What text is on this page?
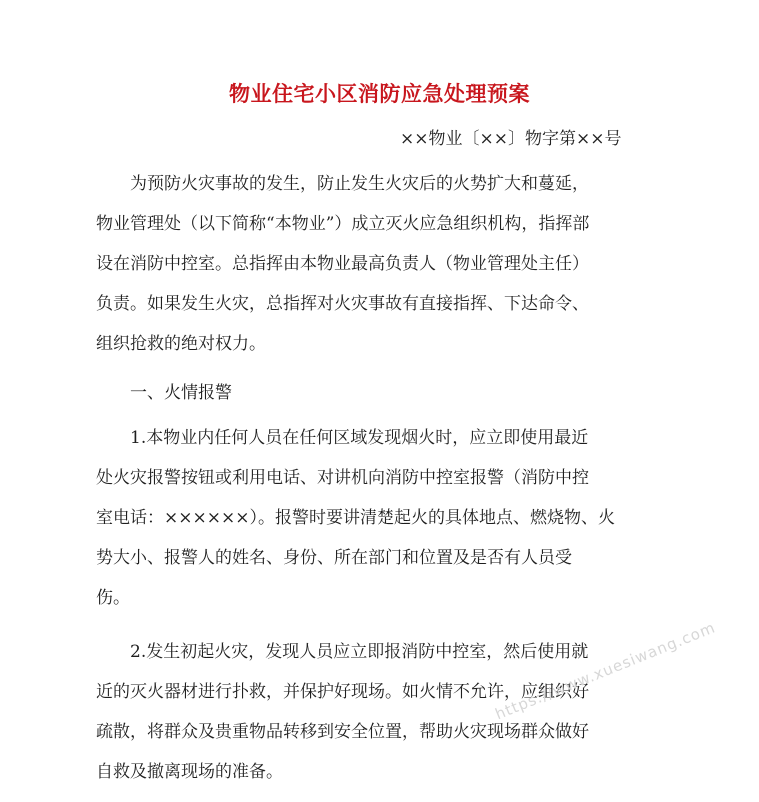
物业住宅小区消防应急处理预案
××物业〔××〕物字第××号
为预防火灾事故的发生，防止发生火灾后的火势扩大和蔓延，
物业管理处（以下简称“本物业”）成立灭火应急组织机构，指挥部
设在消防中控室。总指挥由本物业最高负责人（物业管理处主任）
负责。如果发生火灾，总指挥对火灾事故有直接指挥、下达命令、
组织抢救的绝对权力。
一、火情报警
1.本物业内任何人员在任何区域发现烟火时，应立即使用最近
处火灾报警按钮或利用电话、对讲机向消防中控室报警（消防中控
室电话：××××××）。报警时要讲清楚起火的具体地点、燃烧物、火
势大小、报警人的姓名、身份、所在部门和位置及是否有人员受
伤。
2.发生初起火灾，发现人员应立即报消防中控室，然后使用就
近的灭火器材进行扑救，并保护好现场。如火情不允许，应组织好
疏散，将群众及贵重物品转移到安全位置，帮助火灾现场群众做好
自救及撤离现场的准备。
https://www.xuesiwang.com
